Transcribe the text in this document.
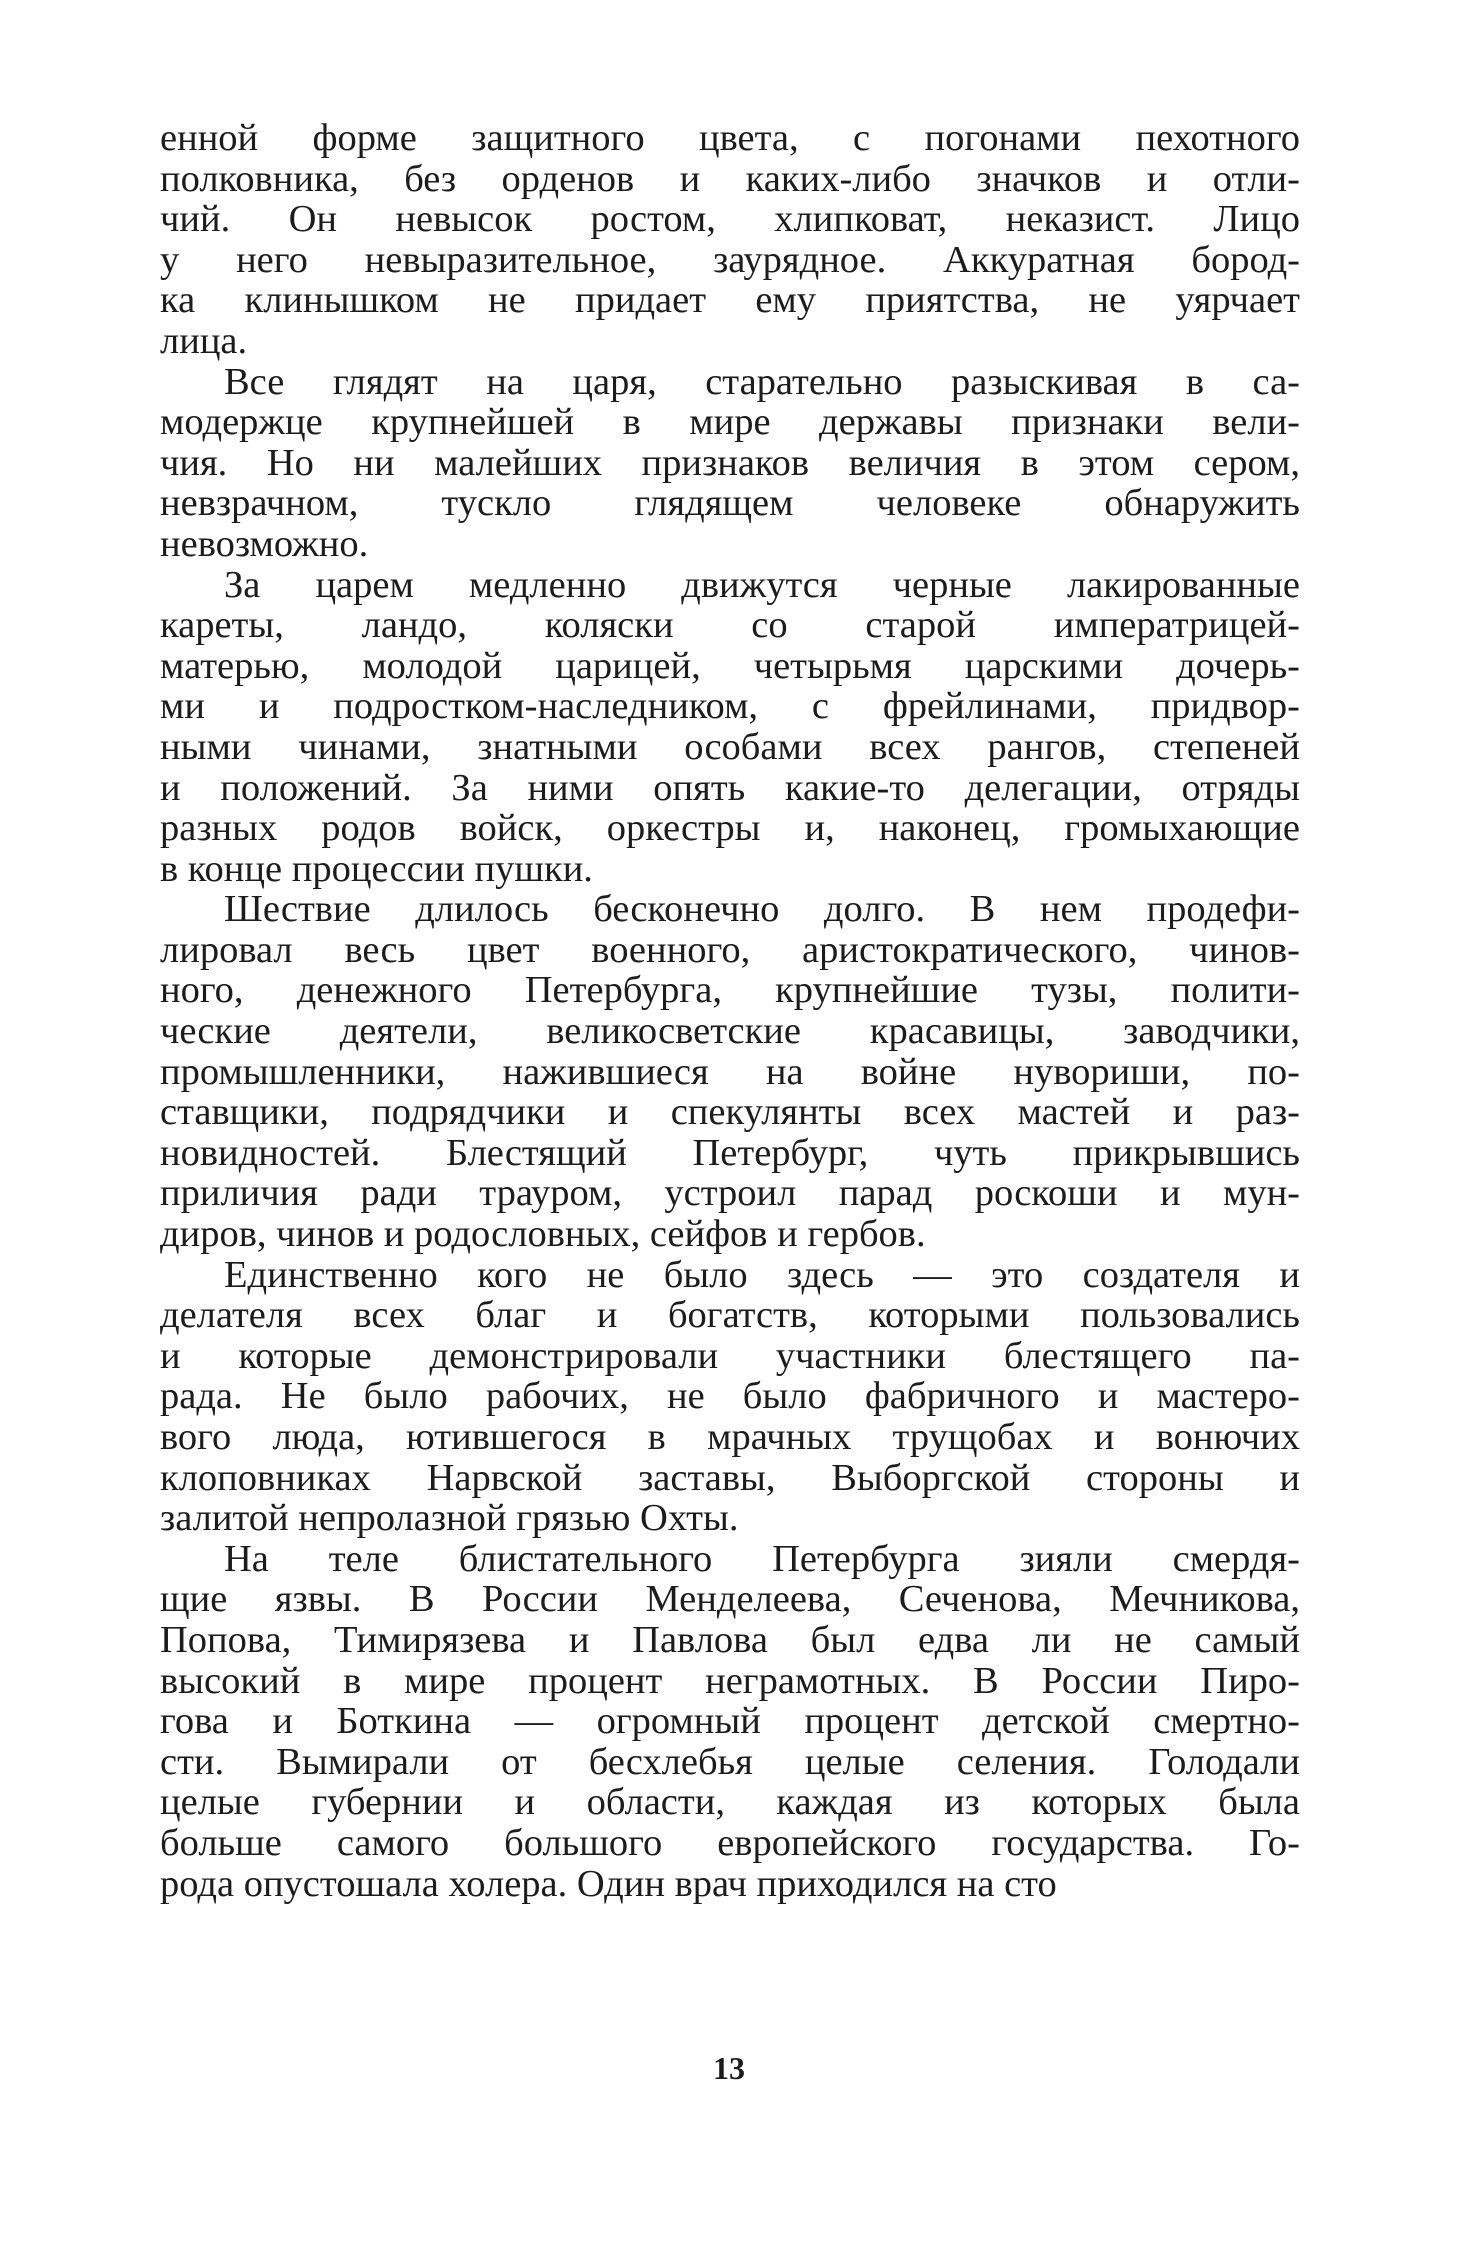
енной форме защитного цвета, с погонами пехотного
полковника, без орденов и каких-либо значков и отли-
чий. Он невысок ростом, хлипковат, неказист. Лицо
у него невыразительное, заурядное. Аккуратная бород-
ка клинышком не придает ему приятства, не уярчает
лица.
Все глядят на царя, старательно разыскивая в са-
модержце крупнейшей в мире державы признаки вели-
чия. Но ни малейших признаков величия в этом сером,
невзрачном, тускло глядящем человеке обнаружить
невозможно.
За царем медленно движутся черные лакированные
кареты, ландо, коляски со старой императрицей-
матерью, молодой царицей, четырьмя царскими дочерь-
ми и подростком-наследником, с фрейлинами, придвор-
ными чинами, знатными особами всех рангов, степеней
и положений. За ними опять какие-то делегации, отряды
разных родов войск, оркестры и, наконец, громыхающие
в конце процессии пушки.
Шествие длилось бесконечно долго. В нем продефи-
лировал весь цвет военного, аристократического, чинов-
ного, денежного Петербурга, крупнейшие тузы, полити-
ческие деятели, великосветские красавицы, заводчики,
промышленники, нажившиеся на войне нувориши, по-
ставщики, подрядчики и спекулянты всех мастей и раз-
новидностей. Блестящий Петербург, чуть прикрывшись
приличия ради трауром, устроил парад роскоши и мун-
диров, чинов и родословных, сейфов и гербов.
Единственно кого не было здесь — это создателя и
делателя всех благ и богатств, которыми пользовались
и которые демонстрировали участники блестящего па-
рада. Не было рабочих, не было фабричного и мастеро-
вого люда, ютившегося в мрачных трущобах и вонючих
клоповниках Нарвской заставы, Выборгской стороны и
залитой непролазной грязью Охты.
На теле блистательного Петербурга зияли смердя-
щие язвы. В России Менделеева, Сеченова, Мечникова,
Попова, Тимирязева и Павлова был едва ли не самый
высокий в мире процент неграмотных. В России Пиро-
гова и Боткина — огромный процент детской смертно-
сти. Вымирали от бесхлебья целые селения. Голодали
целые губернии и области, каждая из которых была
больше самого большого европейского государства. Го-
рода опустошала холера. Один врач приходился на сто
13
